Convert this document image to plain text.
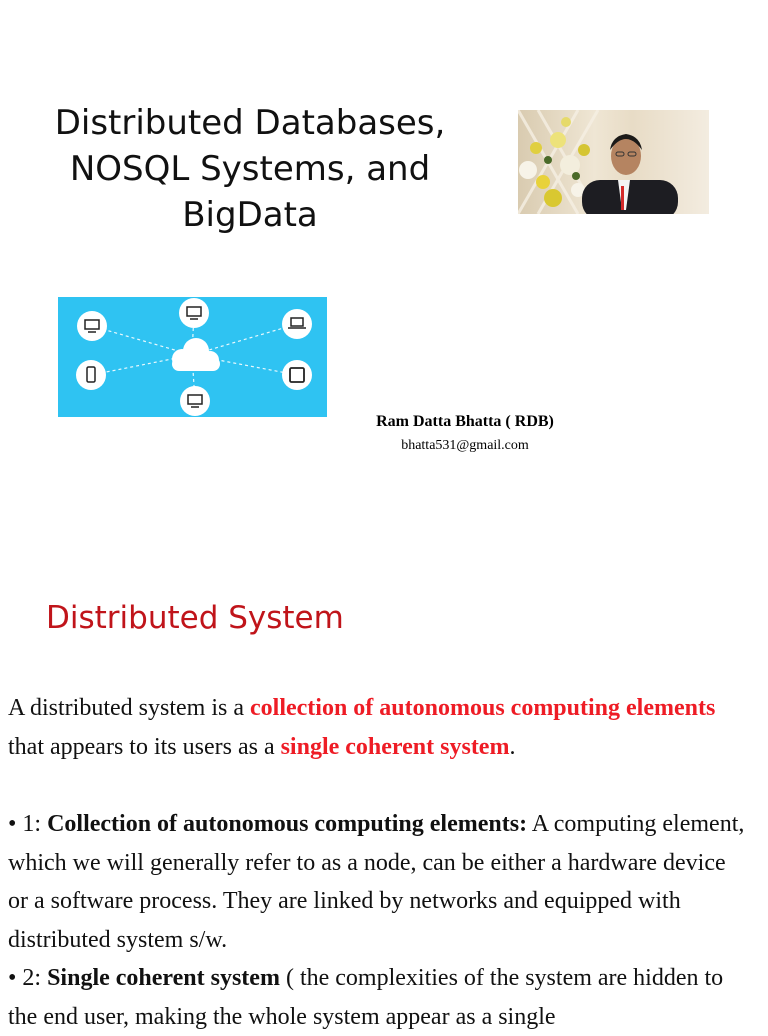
Distributed Databases,
NOSQL Systems, and
BigData
Ram Datta Bhatta ( RDB)
bhatta531@gmail.com
Distributed System
A distributed system is a collection of autonomous computing elements that appears to its users as a single coherent system.
• 1: Collection of autonomous computing elements: A computing element, which we will generally refer to as a node, can be either a hardware device or a software process. They are linked by networks and equipped with distributed system s/w.
• 2: Single coherent system ( the complexities of the system are hidden to the end user, making the whole system appear as a single
